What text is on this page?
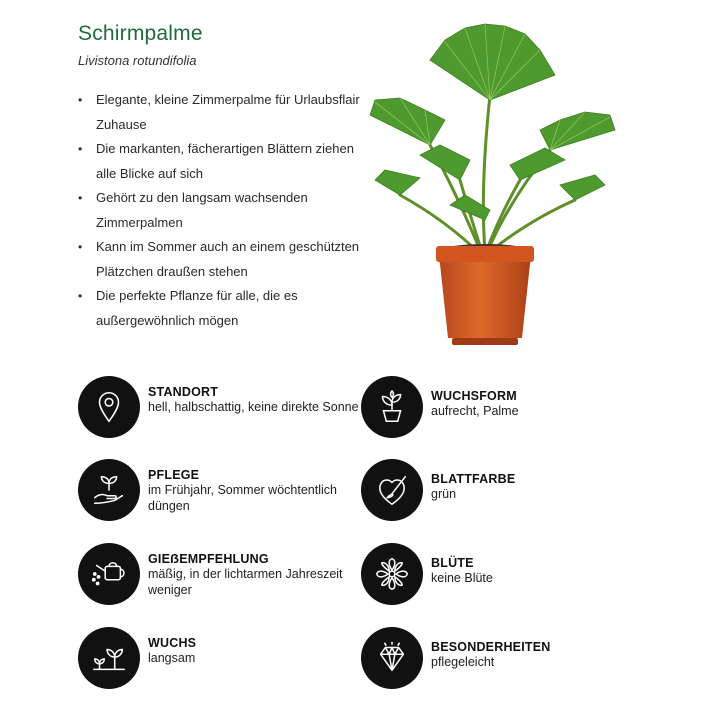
Schirmpalme
Livistona rotundifolia
• Elegante, kleine Zimmerpalme für Urlaubsflair Zuhause
• Die markanten, fächerartigen Blättern ziehen alle Blicke auf sich
• Gehört zu den langsam wachsenden Zimmerpalmen
• Kann im Sommer auch an einem geschützten Plätzchen draußen stehen
• Die perfekte Pflanze für alle, die es außergewöhnlich mögen
STANDORT
hell, halbschattig, keine direkte Sonne
PFLEGE
im Frühjahr, Sommer wöchtentlich düngen
GIEẞEMPFEHLUNG
mäßig, in der lichtarmen Jahreszeit weniger
WUCHS
langsam
WUCHSFORM
aufrecht, Palme
BLATTFARBE
grün
BLÜTE
keine Blüte
BESONDERHEITEN
pflegeleicht
